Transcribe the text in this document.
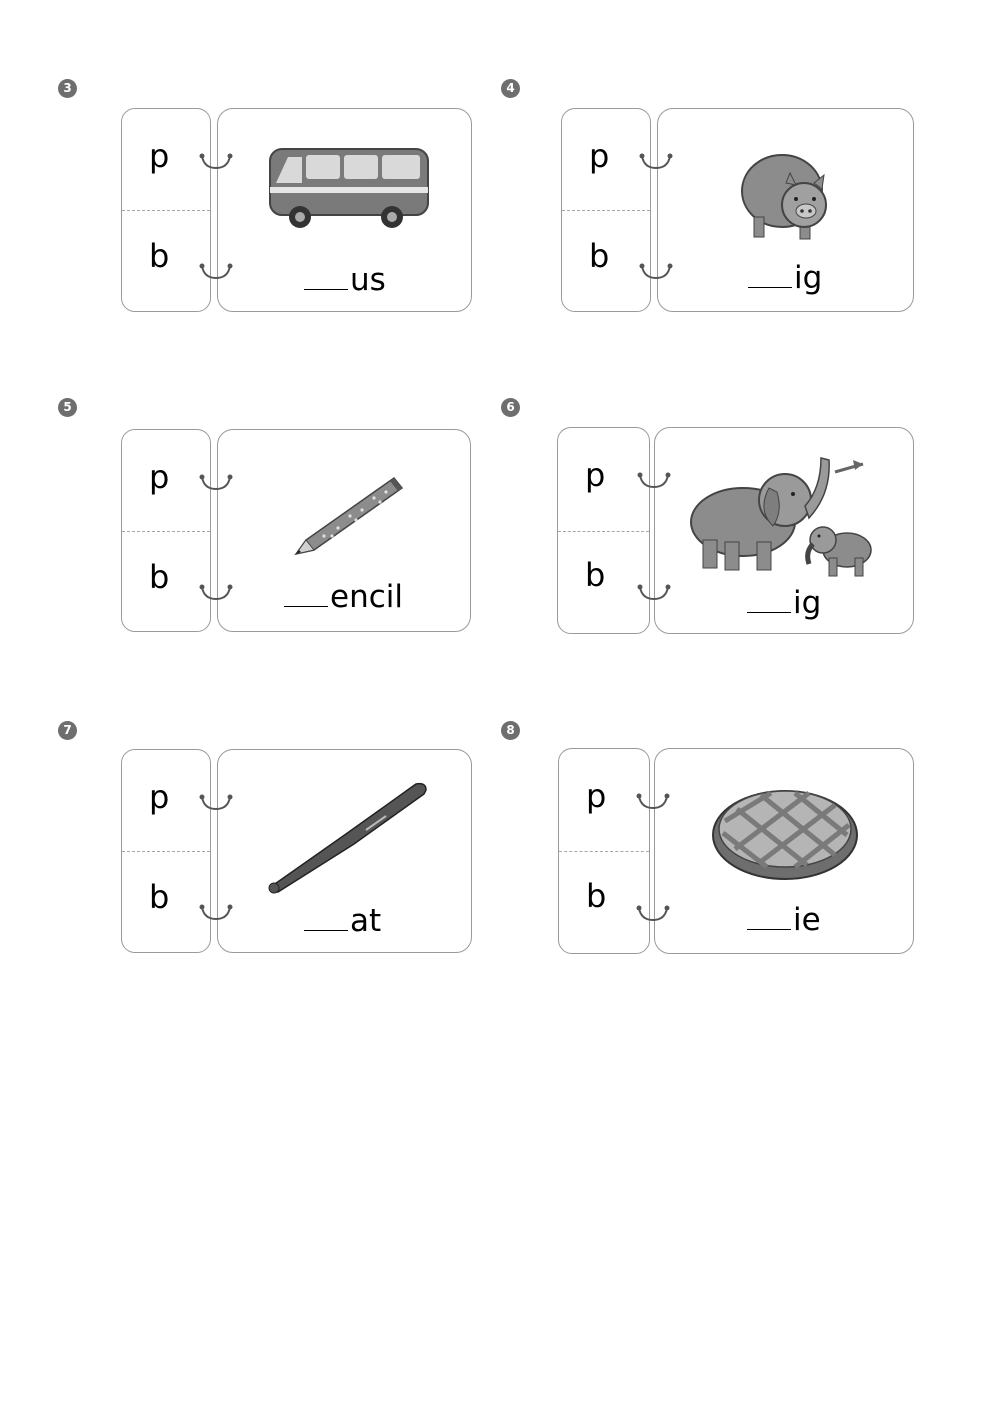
3
p
b
us
4
p
b
ig
5
p
b
encil
6
p
b
ig
7
p
b
at
8
p
b
ie
